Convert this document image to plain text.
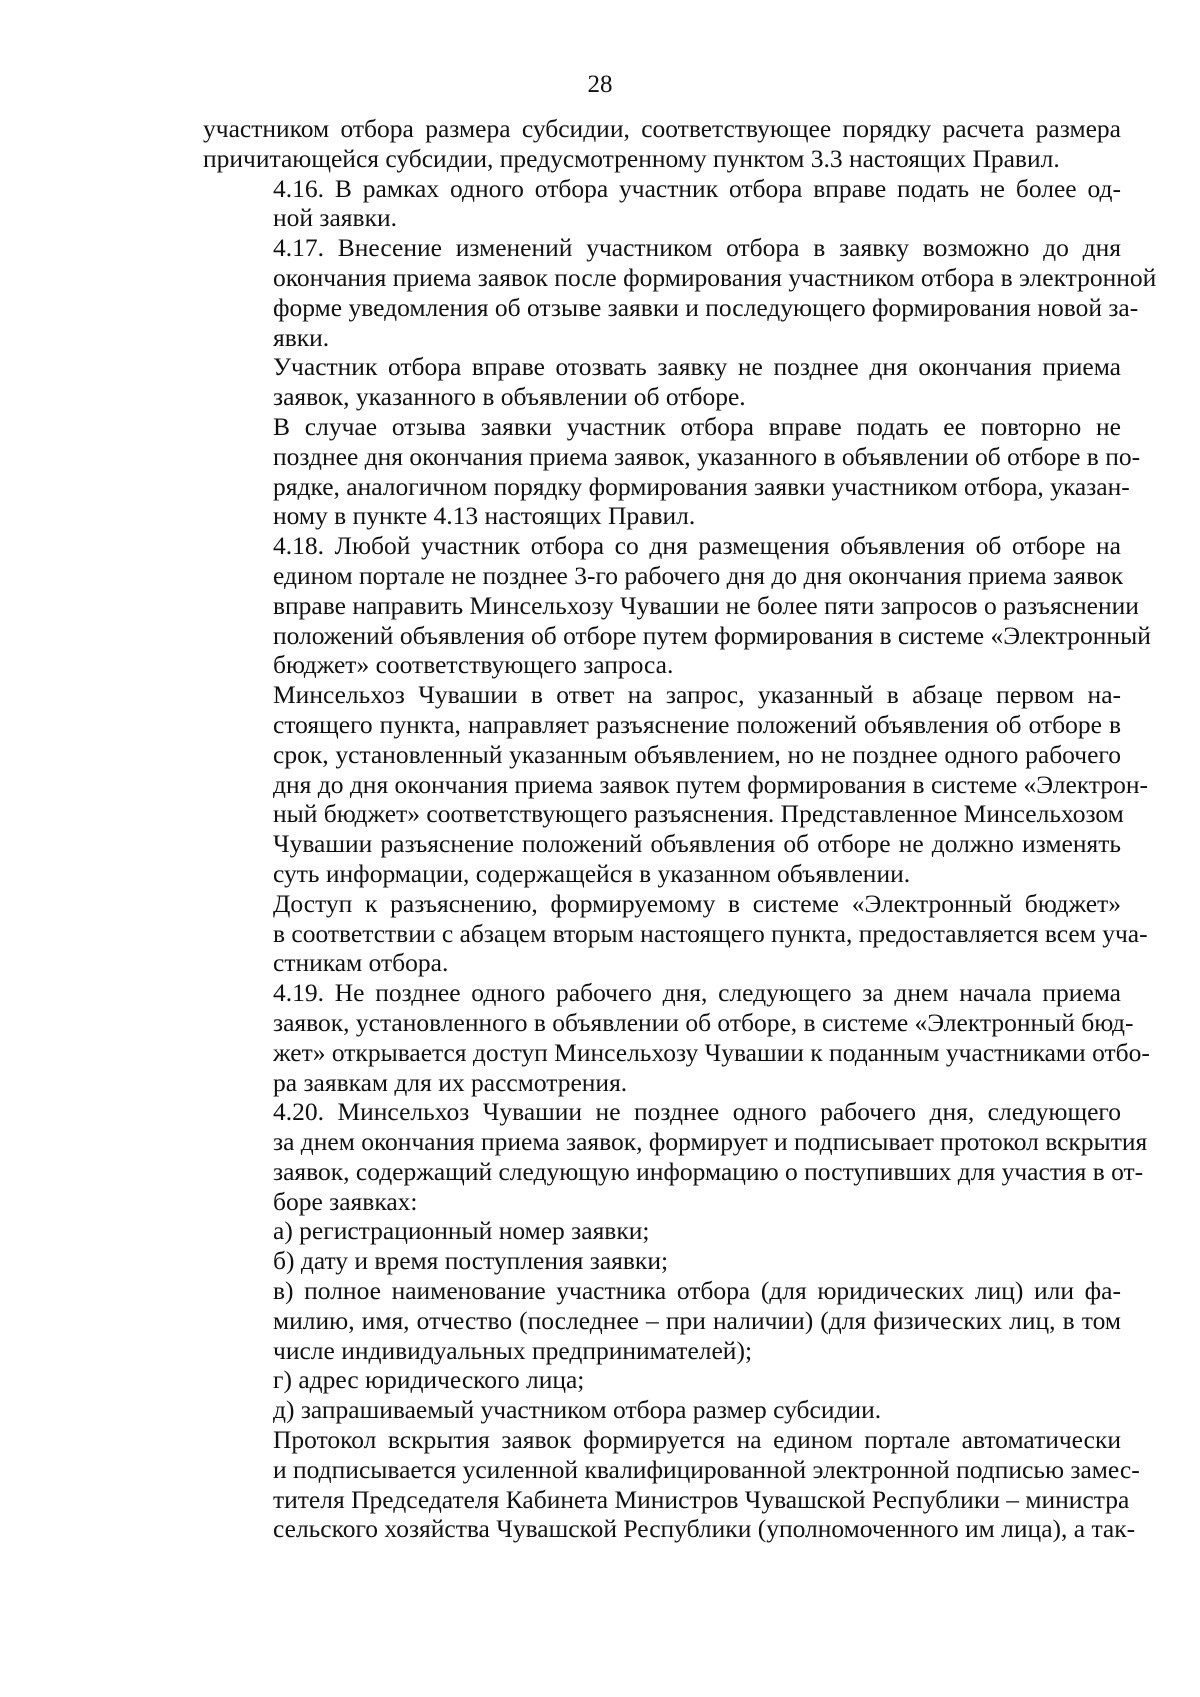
28

участником отбора размера субсидии, соответствующее порядку расчета размера
причитающейся субсидии, предусмотренному пунктом 3.3 настоящих Правил.

4.16. В рамках одного отбора участник отбора вправе подать не более од-
ной заявки.

4.17. Внесение изменений участником отбора в заявку возможно до дня
окончания приема заявок после формирования участником отбора в электронной
форме уведомления об отзыве заявки и последующего формирования новой за-
явки.

Участник отбора вправе отозвать заявку не позднее дня окончания приема
заявок, указанного в объявлении об отборе.

В случае отзыва заявки участник отбора вправе подать ее повторно не
позднее дня окончания приема заявок, указанного в объявлении об отборе в по-
рядке, аналогичном порядку формирования заявки участником отбора, указан-
ному в пункте 4.13 настоящих Правил.

4.18. Любой участник отбора со дня размещения объявления об отборе на
едином портале не позднее 3-го рабочего дня до дня окончания приема заявок
вправе направить Минсельхозу Чувашии не более пяти запросов о разъяснении
положений объявления об отборе путем формирования в системе «Электронный
бюджет» соответствующего запроса.

Минсельхоз Чувашии в ответ на запрос, указанный в абзаце первом на-
стоящего пункта, направляет разъяснение положений объявления об отборе в
срок, установленный указанным объявлением, но не позднее одного рабочего
дня до дня окончания приема заявок путем формирования в системе «Электрон-
ный бюджет» соответствующего разъяснения. Представленное Минсельхозом
Чувашии разъяснение положений объявления об отборе не должно изменять
суть информации, содержащейся в указанном объявлении.

Доступ к разъяснению, формируемому в системе «Электронный бюджет»
в соответствии с абзацем вторым настоящего пункта, предоставляется всем уча-
стникам отбора.

4.19. Не позднее одного рабочего дня, следующего за днем начала приема
заявок, установленного в объявлении об отборе, в системе «Электронный бюд-
жет» открывается доступ Минсельхозу Чувашии к поданным участниками отбо-
ра заявкам для их рассмотрения.

4.20. Минсельхоз Чувашии не позднее одного рабочего дня, следующего
за днем окончания приема заявок, формирует и подписывает протокол вскрытия
заявок, содержащий следующую информацию о поступивших для участия в от-
боре заявках:

а) регистрационный номер заявки;

б) дату и время поступления заявки;

в) полное наименование участника отбора (для юридических лиц) или фа-
милию, имя, отчество (последнее – при наличии) (для физических лиц, в том
числе индивидуальных предпринимателей);

г) адрес юридического лица;

д) запрашиваемый участником отбора размер субсидии.

Протокол вскрытия заявок формируется на едином портале автоматически
и подписывается усиленной квалифицированной электронной подписью замес-
тителя Председателя Кабинета Министров Чувашской Республики – министра
сельского хозяйства Чувашской Республики (уполномоченного им лица), а так-
